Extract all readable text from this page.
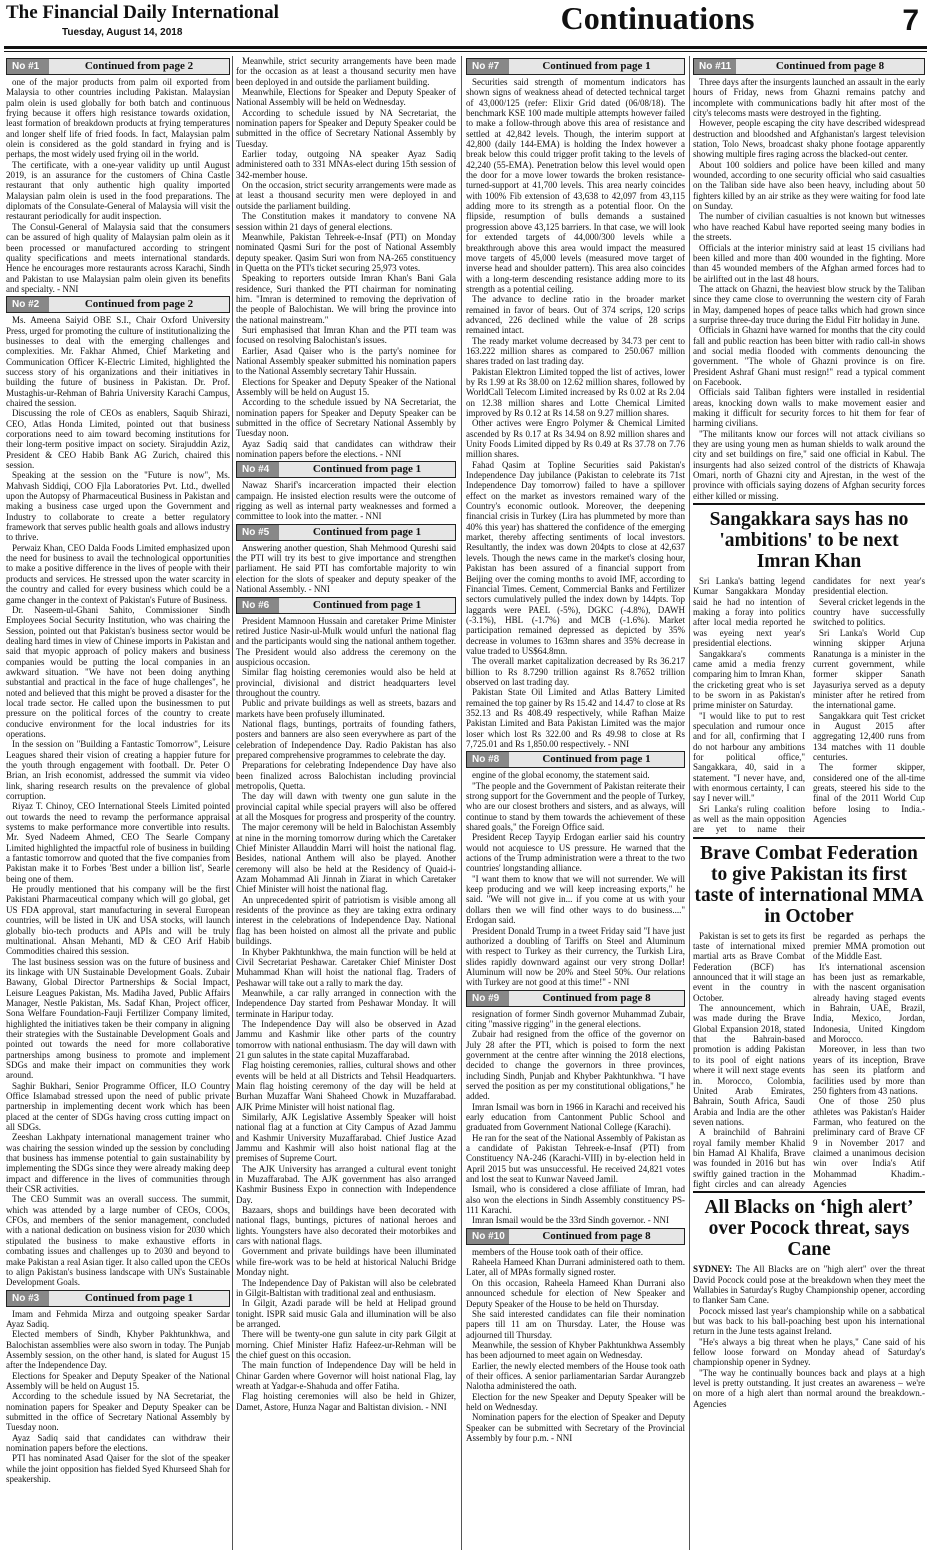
The Financial Daily International
Tuesday, August 14, 2018	Continuations	7
No #1	Continued from page 2

one of the major products from palm oil exported from Malaysia to other countries including Pakistan. Malaysian palm olein is used globally for both batch and continuous frying because it offers high resistance towards oxidation, least formation of breakdown products at frying temperatures and longer shelf life of fried foods. In fact, Malaysian palm olein is considered as the gold standard in frying and is perhaps, the most widely used frying oil in the world.

The certificate, with a one-year validity up until August 2019, is an assurance for the customers of China Castle restaurant that only authentic high quality imported Malaysian palm olein is used in the food preparations. The diplomats of the Consulate-General of Malaysia will visit the restaurant periodically for audit inspection.

The Consul-General of Malaysia said that the consumers can be assured of high quality of Malaysian palm olein as it been processed or manufactured according to stringent quality specifications and meets international standards. Hence he encourages more restaurants across Karachi, Sindh and Pakistan to use Malaysian palm olein given its benefits and specialty. - NNI

No #2	Continued from page 2

Ms. Ameena Saiyid OBE S.I., Chair Oxford University Press, urged for promoting the culture of institutionalizing the businesses to deal with the emerging challenges and complexities. Mr. Fakhar Ahmed, Chief Marketing and Communication Officer K-Electric Limited, highlighted the success story of his organizations and their initiatives in building the future of business in Pakistan. Dr. Prof. Mustaghis-ur-Rehman of Bahria University Karachi Campus, chaired the session.

Discussing the role of CEOs as enablers, Saquib Shirazi, CEO, Atlas Honda Limited, pointed out that business corporations need to aim toward becoming institutions for their long-term positive impact on society. Sirajuddin Aziz, President & CEO Habib Bank AG Zurich, chaired this session.

Speaking at the session on the "Future is now", Ms. Mahvash Siddiqi, COO Fjla Laboratories Pvt. Ltd., dwelled upon the Autopsy of Pharmaceutical Business in Pakistan and making a business case urged upon the Government and Industry to collaborate to create a better regulatory framework that serves public health goals and allows industry to thrive.

Perwaiz Khan, CEO Dalda Foods Limited emphasized upon the need for business to avail the technological opportunities to make a positive difference in the lives of people with their products and services. He stressed upon the water scarcity in the country and called for every business which could be a game changer in the context of Pakistan's Future of Business.

Dr. Naseem-ul-Ghani Sahito, Commissioner Sindh Employees Social Security Institution, who was chairing the Session, pointed out that Pakistan's business sector would be dealing hard times in view of Chinese imports in Pakistan and said that myopic approach of policy makers and business companies would be putting the local companies in an awkward situation. "We have not been doing anything substantial and practical in the face of huge challenges", he noted and believed that this might be proved a disaster for the local trade sector. He called upon the businessmen to put pressure on the political forces of the country to create conducive environment for the local industries for its operations.

In the session on "Building a Fantastic Tomorrow", Leisure Leagues shared their vision of creating a happier future for the youth through engagement with football. Dr. Peter O Brian, an Irish economist, addressed the summit via video link, sharing research results on the prevalence of global corruption.

Riyaz T. Chinoy, CEO International Steels Limited pointed out towards the need to revamp the performance appraisal systems to make performance more convertible into results. Mr. Syed Nadeem Ahmed, CEO The Searle Company Limited highlighted the impactful role of business in building a fantastic tomorrow and quoted that the five companies from Pakistan make it to Forbes 'Best under a billion list', Searle being one of them.

He proudly mentioned that his company will be the first Pakistani Pharmaceutical company which will go global, get US FDA approval, start manufacturing in several European countries, will be listed in UK and USA stocks, will launch globally bio-tech products and APIs and will be truly multinational. Ahsan Mehanti, MD & CEO Arif Habib Commodities chaired this session.

The last business session was on the future of business and its linkage with UN Sustainable Development Goals. Zubair Bawany, Global Director Partnerships & Social Impact, Leisure Leagues Pakistan, Ms. Madiha Javed, Public Affairs Manager, Nestle Pakistan, Ms. Sadaf Khan, Project officer, Sona Welfare Foundation-Fauji Fertilizer Company limited, highlighted the initiatives taken be their company in aligning their strategies with the Sustainable Development Goals and pointed out towards the need for more collaborative partnerships among business to promote and implement SDGs and make their impact on communities they work around.

Saghir Bukhari, Senior Programme Officer, ILO Country Office Islamabad stressed upon the need of public private partnership in implementing decent work which has been placed at the center of SDGs having cross cutting impact on all SDGs.

Zeeshan Lakhpaty international management trainer who was chairing the session winded up the session by concluding that business has immense potential to gain sustainability by implementing the SDGs since they were already making deep impact and difference in the lives of communities through their CSR activities.

The CEO Summit was an overall success. The summit, which was attended by a large number of CEOs, COOs, CFOs, and members of the senior management, concluded with a national dedication on business vision for 2030 which stipulated the business to make exhaustive efforts in combating issues and challenges up to 2030 and beyond to make Pakistan a real Asian tiger. It also called upon the CEOs to align Pakistan's business landscape with UN's Sustainable Development Goals.

No #3	Continued from page 1

Imam and Fehmida Mirza and outgoing speaker Sardar Ayaz Sadiq.

Elected members of Sindh, Khyber Pakhtunkhwa, and Balochistan assemblies were also sworn in today. The Punjab Assembly session, on the other hand, is slated for August 15 after the Independence Day.

Elections for Speaker and Deputy Speaker of the National Assembly will be held on August 15.

According to the schedule issued by NA Secretariat, the nomination papers for Speaker and Deputy Speaker can be submitted in the office of Secretary National Assembly by Tuesday noon.

Ayaz Sadiq said that candidates can withdraw their nomination papers before the elections.

PTI has nominated Asad Qaiser for the slot of the speaker while the joint opposition has fielded Syed Khurseed Shah for speakership.

Meanwhile, strict security arrangements have been made for the occasion as at least a thousand security men have been deployed in and outside the parliament building.

Meanwhile, Elections for Speaker and Deputy Speaker of National Assembly will be held on Wednesday.

According to schedule issued by NA Secretariat, the nomination papers for Speaker and Deputy Speaker could be submitted in the office of Secretary National Assembly by Tuesday.

Earlier today, outgoing NA speaker Ayaz Sadiq administered oath to 331 MNAs-elect during 15th session of 342-member house.

On the occasion, strict security arrangements were made as at least a thousand security men were deployed in and outside the parliament building.

The Constitution makes it mandatory to convene NA session within 21 days of general elections.

Meanwhile, Pakistan Tehreek-e-Insaf (PTI) on Monday nominated Qasmi Suri for the post of National Assembly deputy speaker. Qasim Suri won from NA-265 constituency in Quetta on the PTI's ticket securing 25,973 votes.

Speaking to reporters outside Imran Khan's Bani Gala residence, Suri thanked the PTI chairman for nominating him. "Imran is determined to removing the deprivation of the people of Balochistan. We will bring the province into the national mainstream."

Suri emphasised that Imran Khan and the PTI team was focused on resolving Balochistan's issues.

Earlier, Asad Qaiser who is the party's nominee for National Assembly speaker submitted his nomination papers to the National Assembly secretary Tahir Hussain.

Elections for Speaker and Deputy Speaker of the National Assembly will be held on August 15.

According to the schedule issued by NA Secretariat, the nomination papers for Speaker and Deputy Speaker can be submitted in the office of Secretary National Assembly by Tuesday noon.

Ayaz Sadiq said that candidates can withdraw their nomination papers before the elections. - NNI

No #4	Continued from page 1

Nawaz Sharif's incarceration impacted their election campaign. He insisted election results were the outcome of rigging as well as internal party weaknesses and formed a committee to look into the matter. - NNI

No #5	Continued from page 1

Answering another question, Shah Mehmood Qureshi said the PTI will try its best to give importance and strengthen parliament. He said PTI has comfortable majority to win election for the slots of speaker and deputy speaker of the National Assembly. - NNI

No #6	Continued from page 1

President Mamnoon Hussain and caretaker Prime Minister retired Justice Nasir-ul-Mulk would unfurl the national flag and the participants would sing the national anthem together. The President would also address the ceremony on the auspicious occasion.

Similar flag hoisting ceremonies would also be held at provincial, divisional and district headquarters level throughout the country.

Public and private buildings as well as streets, bazars and markets have been profusely illuminated.

National flags, buntings, portraits of founding fathers, posters and banners are also seen everywhere as part of the celebration of Independence Day. Radio Pakistan has also prepared comprehensive programmes to celebrate the day.

Preparations for celebrating Independence Day have also been finalized across Balochistan including provincial metropolis, Quetta.

The day will dawn with twenty one gun salute in the provincial capital while special prayers will also be offered at all the Mosques for progress and prosperity of the country.

The major ceremony will be held in Balochistan Assembly at nine in the morning tomorrow during which the Caretaker Chief Minister Allauddin Marri will hoist the national flag. Besides, national Anthem will also be played. Another ceremony will also be held at the Residency of Quaid-i-Azam Mohammad Ali Jinnah in Ziarat in which Caretaker Chief Minister will hoist the national flag.

An unprecedented spirit of patriotism is visible among all residents of the province as they are taking extra ordinary interest in the celebrations of Independence Day. National flag has been hoisted on almost all the private and public buildings.

In Khyber Pakhtunkhwa, the main function will be held at Civil Secretariat Peshawar. Caretaker Chief Minister Dost Muhammad Khan will hoist the national flag. Traders of Peshawar will take out a rally to mark the day.

Meanwhile, a car rally arranged in connection with the Independence Day started from Peshawar Monday. It will terminate in Haripur today.

The Independence Day will also be observed in Azad Jammu and Kashmir like other parts of the country tomorrow with national enthusiasm. The day will dawn with 21 gun salutes in the state capital Muzaffarabad.

Flag hoisting ceremonies, rallies, cultural shows and other events will be held at all Districts and Tehsil Headquarters. Main flag hoisting ceremony of the day will be held at Burhan Muzaffar Wani Shaheed Chowk in Muzaffarabad. AJK Prime Minister will hoist national flag.

Similarly, AJK Legislative Assembly Speaker will hoist national flag at a function at City Campus of Azad Jammu and Kashmir University Muzaffarabad. Chief Justice Azad Jammu and Kashmir will also hoist national flag at the premises of Supreme Court.

The AJK University has arranged a cultural event tonight in Muzaffarabad. The AJK government has also arranged Kashmir Business Expo in connection with Independence Day.

Bazaars, shops and buildings have been decorated with national flags, buntings, pictures of national heroes and lights. Youngsters have also decorated their motorbikes and cars with national flags.

Government and private buildings have been illuminated while fire-work was to be held at historical Naluchi Bridge Monday night.

The Independence Day of Pakistan will also be celebrated in Gilgit-Baltistan with traditional zeal and enthusiasm.

In Gilgit, Azadi parade will be held at Helipad ground tonight. ISPR said music Gala and illumination will be also be arranged.

There will be twenty-one gun salute in city park Gilgit at morning. Chief Minister Hafiz Hafeez-ur-Rehman will be the chief guest on this occasion.

The main function of Independence Day will be held in Chinar Garden where Governor will hoist national Flag, lay wreath at Yadgar-e-Shahuda and offer Fatiha.

Flag hoisting ceremonies will also be held in Ghizer, Damet, Astore, Hunza Nagar and Baltistan division. - NNI

No #7	Continued from page 1

Securities said strength of momentum indicators has shown signs of weakness ahead of detected technical target of 43,000/125 (refer: Elixir Grid dated (06/08/18). The benchmark KSE 100 made multiple attempts however failed to make a follow-through above this area of resistance and settled at 42,842 levels. Though, the interim support at 42,800 (daily 144-EMA) is holding the Index however a break below this could trigger profit taking to the levels of 42,240 (55-EMA). Penetration below this level would open the door for a move lower towards the broken resistance-turned-support at 41,700 levels. This area nearly coincides with 100% Fib extension of 43,638 to 42,097 from 43,115 adding more to its strength as a potential floor. On the flipside, resumption of bulls demands a sustained progression above 43,125 barriers. In that case, we will look for extended targets of 44,000/300 levels while a breakthrough above this area would impact the measured move targets of 45,000 levels (measured move target of inverse head and shoulder pattern). This area also coincides with a long-term descending resistance adding more to its strength as a potential ceiling.

The advance to decline ratio in the broader market remained in favor of bears. Out of 374 scrips, 120 scrips advanced, 226 declined while the value of 28 scrips remained intact.

The ready market volume decreased by 34.73 per cent to 163.222 million shares as compared to 250.067 million shares traded on last trading day.

Pakistan Elektron Limited topped the list of actives, lower by Rs 1.99 at Rs 38.00 on 12.62 million shares, followed by WorldCall Telecom Limited increased by Rs 0.02 at Rs 2.04 on 12.38 million shares and Lotte Chemical Limited improved by Rs 0.12 at Rs 14.58 on 9.27 million shares.

Other actives were Engro Polymer & Chemical Limited ascended by Rs 0.17 at Rs 34.94 on 8.92 million shares and Unity Foods Limited dipped by Rs 0.49 at Rs 37.78 on 7.76 million shares.

Fahad Qasim at Topline Securities said Pakistan's Independence Day jubilance (Pakistan to celebrate its 71st Independence Day tomorrow) failed to have a spillover effect on the market as investors remained wary of the Country's economic outlook. Moreover, the deepening financial crisis in Turkey (Lira has plummeted by more than 40% this year) has shattered the confidence of the emerging market, thereby affecting sentiments of local investors. Resultantly, the index was down 204pts to close at 42,637 levels. Though the news came in the market's closing hour, Pakistan has been assured of a financial support from Beijing over the coming months to avoid IMF, according to Financial Times. Cement, Commercial Banks and Fertilizer sectors cumulatively pulled the index down by 144pts. Top laggards were PAEL (-5%), DGKC (-4.8%), DAWH (-3.1%), HBL (-1.7%) and MCB (-1.6%). Market participation remained depressed as depicted by 35% decrease in volumes to 163mn shares and 35% decrease in value traded to US$64.8mn.

The overall market capitalization decreased by Rs 36.217 billion to Rs 8.7290 trillion against Rs 8.7652 trillion observed on last trading day.

Pakistan State Oil Limited and Atlas Battery Limited remained the top gainer by Rs 15.42 and 14.47 to close at Rs 352.13 and Rs 408.49 respectively, while Rafhan Maize Pakistan Limited and Bata Pakistan Limited was the major loser which lost Rs 322.00 and Rs 49.98 to close at Rs 7,725.01 and Rs 1,850.00 respectively. - NNI

No #8	Continued from page 1

engine of the global economy, the statement said.

"The people and the Government of Pakistan reiterate their strong support for the Government and the people of Turkey, who are our closest brothers and sisters, and as always, will continue to stand by them towards the achievement of these shared goals," the Foreign Office said.

President Recep Tayyip Erdogan earlier said his country would not acquiesce to US pressure. He warned that the actions of the Trump administration were a threat to the two countries' longstanding alliance.

"I want them to know that we will not surrender. We will keep producing and we will keep increasing exports," he said. "We will not give in... if you come at us with your dollars then we will find other ways to do business...." Erdogan said.

President Donald Trump in a tweet Friday said "I have just authorized a doubling of Tariffs on Steel and Aluminum with respect to Turkey as their currency, the Turkish Lira, slides rapidly downward against our very strong Dollar! Aluminum will now be 20% and Steel 50%. Our relations with Turkey are not good at this time!" - NNI

No #9	Continued from page 8

resignation of former Sindh governor Muhammad Zubair, citing "massive rigging" in the general elections.

Zubair had resigned from the office of the governor on July 28 after the PTI, which is poised to form the next government at the centre after winning the 2018 elections, decided to change the governors in three provinces, including Sindh, Punjab and Khyber Pakhtunkhwa. "I have served the position as per my constitutional obligations," he added.

Imran Ismail was born in 1966 in Karachi and received his early education from Cantonment Public School and graduated from Government National College (Karachi).

He ran for the seat of the National Assembly of Pakistan as a candidate of Pakistan Tehreek-e-Insaf (PTI) from Constituency NA-246 (Karachi-VIII) in by-election held in April 2015 but was unsuccessful. He received 24,821 votes and lost the seat to Kunwar Naveed Jamil.

Ismail, who is considered a close affiliate of Imran, had also won the elections in Sindh Assembly constituency PS-111 Karachi.

Imran Ismail would be the 33rd Sindh governor. - NNI

No #10	Continued from page 8

members of the House took oath of their office.

Raheela Hameed Khan Durrani administered oath to them. Later, all of MPAs formally signed roster.

On this occasion, Raheela Hameed Khan Durrani also announced schedule for election of New Speaker and Deputy Speaker of the House to be held on Thursday.

She said interested candidates can file their nomination papers till 11 am on Thursday. Later, the House was adjourned till Thursday.

Meanwhile, the session of Khyber Pakhtunkhwa Assembly has been adjourned to meet again on Wednesday.

Earlier, the newly elected members of the House took oath of their offices. A senior parliamentarian Sardar Aurangzeb Nalotha administered the oath.

Election for the new Speaker and Deputy Speaker will be held on Wednesday.

Nomination papers for the election of Speaker and Deputy Speaker can be submitted with Secretary of the Provincial Assembly by four p.m. - NNI

No #11	Continued from page 8

Three days after the insurgents launched an assault in the early hours of Friday, news from Ghazni remains patchy and incomplete with communications badly hit after most of the city's telecoms masts were destroyed in the fighting.

However, people escaping the city have described widespread destruction and bloodshed and Afghanistan's largest television station, Tolo News, broadcast shaky phone footage apparently showing multiple fires raging across the blacked-out center.

About 100 soldiers and police have been killed and many wounded, according to one security official who said casualties on the Taliban side have also been heavy, including about 50 fighters killed by an air strike as they were waiting for food late on Sunday.

The number of civilian casualties is not known but witnesses who have reached Kabul have reported seeing many bodies in the streets.

Officials at the interior ministry said at least 15 civilians had been killed and more than 400 wounded in the fighting. More than 45 wounded members of the Afghan armed forces had to be airlifted out in the last 48 hours.

The attack on Ghazni, the heaviest blow struck by the Taliban since they came close to overrunning the western city of Farah in May, dampened hopes of peace talks which had grown since a surprise three-day truce during the Eidul Fitr holiday in June.

Officials in Ghazni have warned for months that the city could fall and public reaction has been bitter with radio call-in shows and social media flooded with comments denouncing the government. "The whole of Ghazni province is on fire. President Ashraf Ghani must resign!" read a typical comment on Facebook.

Officials said Taliban fighters were installed in residential areas, knocking down walls to make movement easier and making it difficult for security forces to hit them for fear of harming civilians.

"The militants know our forces will not attack civilians so they are using young men as human shields to walk around the city and set buildings on fire," said one official in Kabul. The insurgents had also seized control of the districts of Khawaja Omari, north of Ghazni city and Ajrestan, in the west of the province with officials saying dozens of Afghan security forces either killed or missing.

Sangakkara says has no 'ambitions' to be next Imran Khan

Sri Lanka's batting legend Kumar Sangakkara Monday said he had no intention of making a foray into politics after local media reported he was eyeing next year's presidential elections.

Sangakkara's comments came amid a media frenzy comparing him to Imran Khan, the cricketing great who is set to be sworn in as Pakistan's prime minister on Saturday.

"I would like to put to rest speculation and rumour once and for all, confirming that I do not harbour any ambitions for political office," Sangakkara, 40, said in a statement. "I never have, and, with enormous certainty, I can say I never will."

Sri Lanka's ruling coalition as well as the main opposition are yet to name their candidates for next year's presidential election.

Several cricket legends in the country have successfully switched to politics.

Sri Lanka's World Cup winning skipper Arjuna Ranatunga is a minister in the current government, while former skipper Sanath Jayasuriya served as a deputy minister after he retired from the international game.

Sangakkara quit Test cricket in August 2015 after aggregating 12,400 runs from 134 matches with 11 double centuries.

The former skipper, considered one of the all-time greats, steered his side to the final of the 2011 World Cup before losing to India.-Agencies

Brave Combat Federation to give Pakistan its first taste of international MMA in October

Pakistan is set to gets its first taste of international mixed martial arts as Brave Combat Federation (BCF) has announced that it will stage an event in the country in October.

The announcement, which was made during the Brave Global Expansion 2018, stated that the Bahrain-based promotion is adding Pakistan to its pool of eight nations where it will next stage events in. Morocco, Colombia, United Arab Emirates, Bahrain, South Africa, Saudi Arabia and India are the other seven nations.

A brainchild of Bahraini royal family member Khalid bin Hamad Al Khalifa, Brave was founded in 2016 but has swiftly gained traction in the fight circles and can already be regarded as perhaps the premier MMA promotion out of the Middle East.

It's international ascension has been just as remarkable, with the nascent organisation already having staged events in Bahrain, UAE, Brazil, India, Mexico, Jordan, Indonesia, United Kingdom and Morocco.

Moreover, in less than two years of its inception, Brave has seen its platform and facilities used by more than 250 fighters from 43 nations.

One of those 250 plus athletes was Pakistan's Haider Farman, who featured on the preliminary card of Brave CF 9 in November 2017 and claimed a unanimous decision win over India's Atif Mohammad Khadim.-Agencies

All Blacks on ‘high alert’ over Pocock threat, says Cane

SYDNEY: The All Blacks are on "high alert" over the threat David Pocock could pose at the breakdown when they meet the Wallabies in Saturday's Rugby Championship opener, according to flanker Sam Cane.

Pocock missed last year's championship while on a sabbatical but was back to his ball-poaching best upon his international return in the June tests against Ireland.

"He's always a big threat when he plays," Cane said of his fellow loose forward on Monday ahead of Saturday's championship opener in Sydney.

"The way he continually bounces back and plays at a high level is pretty outstanding. It just creates an awareness – we're on more of a high alert than normal around the breakdown.-Agencies
